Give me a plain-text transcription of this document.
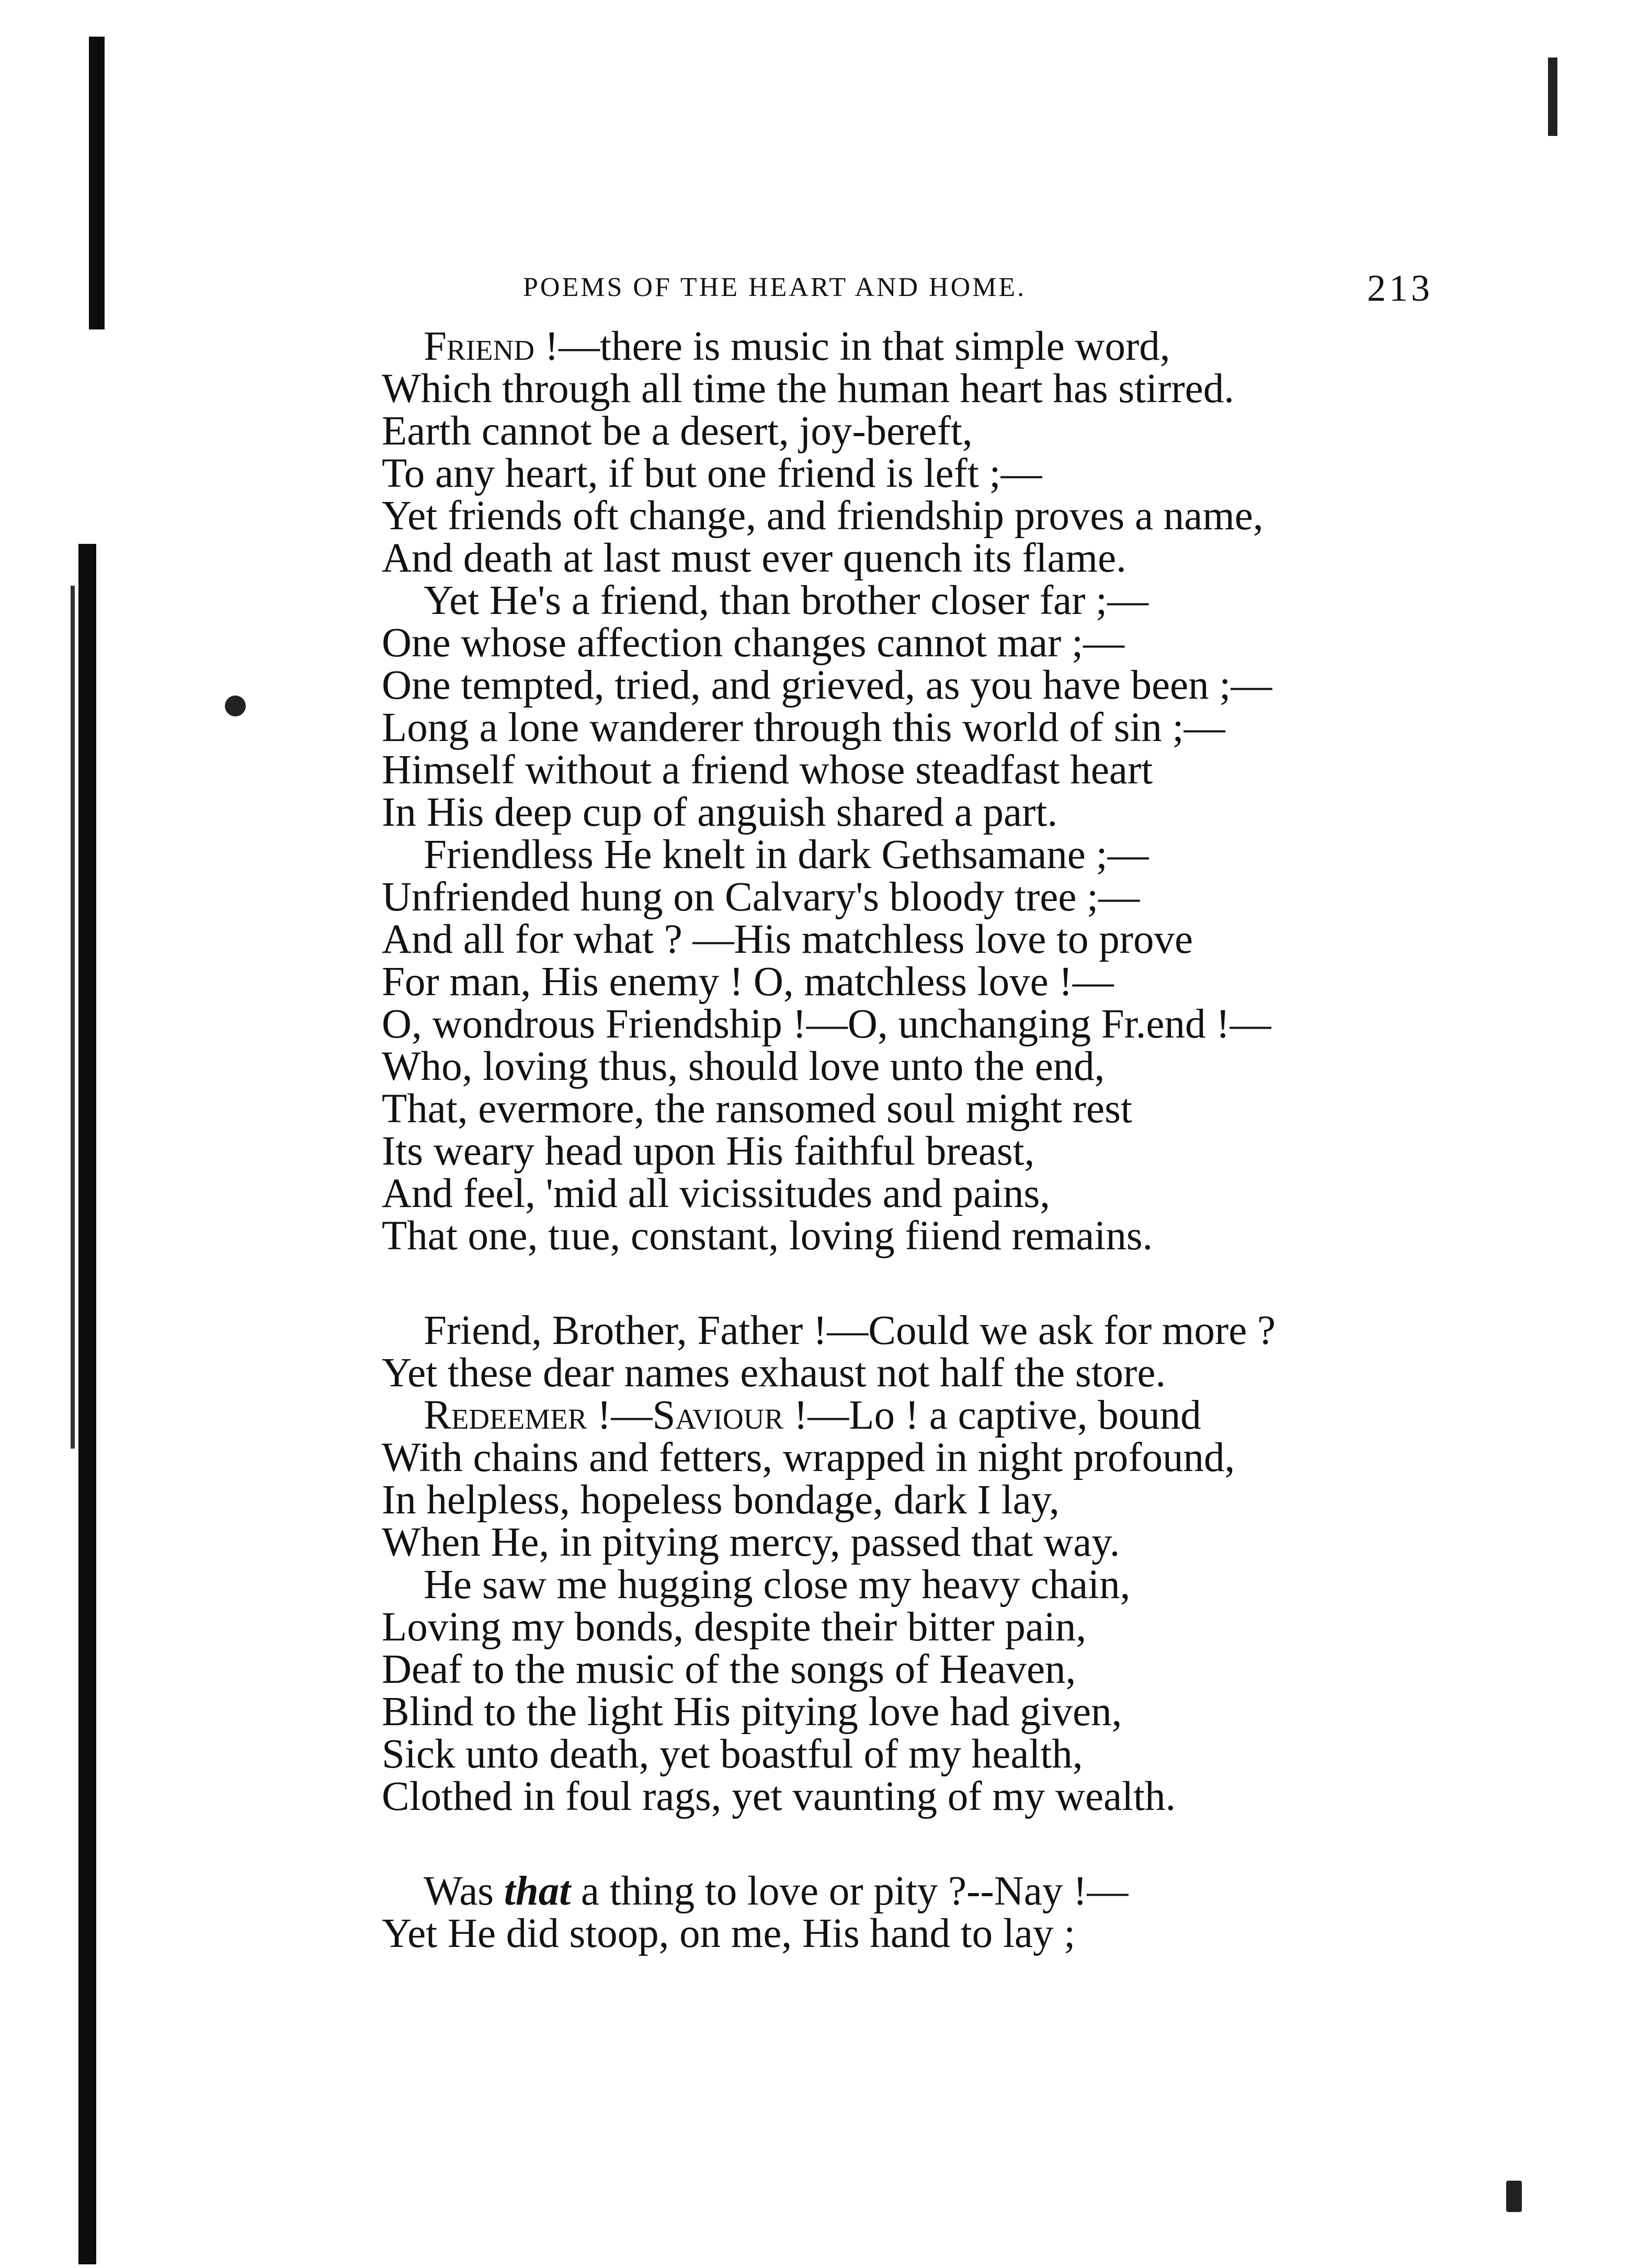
POEMS OF THE HEART AND HOME.	213
Friend !—there is music in that simple word,
Which through all time the human heart has stirred.
Earth cannot be a desert, joy-bereft,
To any heart, if but one friend is left ;—
Yet friends oft change, and friendship proves a name,
And death at last must ever quench its flame.
Yet He's a friend, than brother closer far ;—
One whose affection changes cannot mar ;—
One tempted, tried, and grieved, as you have been ;—
Long a lone wanderer through this world of sin ;—
Himself without a friend whose steadfast heart
In His deep cup of anguish shared a part.
Friendless He knelt in dark Gethsamane ;—
Unfriended hung on Calvary's bloody tree ;—
And all for what ? —His matchless love to prove
For man, His enemy ! O, matchless love !—
O, wondrous Friendship !—O, unchanging Fr.end !—
Who, loving thus, should love unto the end,
That, evermore, the ransomed soul might rest
Its weary head upon His faithful breast,
And feel, 'mid all vicissitudes and pains,
That one, tıue, constant, loving fiiend remains.
Friend, Brother, Father !—Could we ask for more ?
Yet these dear names exhaust not half the store.
Redeemer !—Saviour !—Lo ! a captive, bound
With chains and fetters, wrapped in night profound,
In helpless, hopeless bondage, dark I lay,
When He, in pitying mercy, passed that way.
He saw me hugging close my heavy chain,
Loving my bonds, despite their bitter pain,
Deaf to the music of the songs of Heaven,
Blind to the light His pitying love had given,
Sick unto death, yet boastful of my health,
Clothed in foul rags, yet vaunting of my wealth.
Was that a thing to love or pity ?--Nay !—
Yet He did stoop, on me, His hand to lay ;
